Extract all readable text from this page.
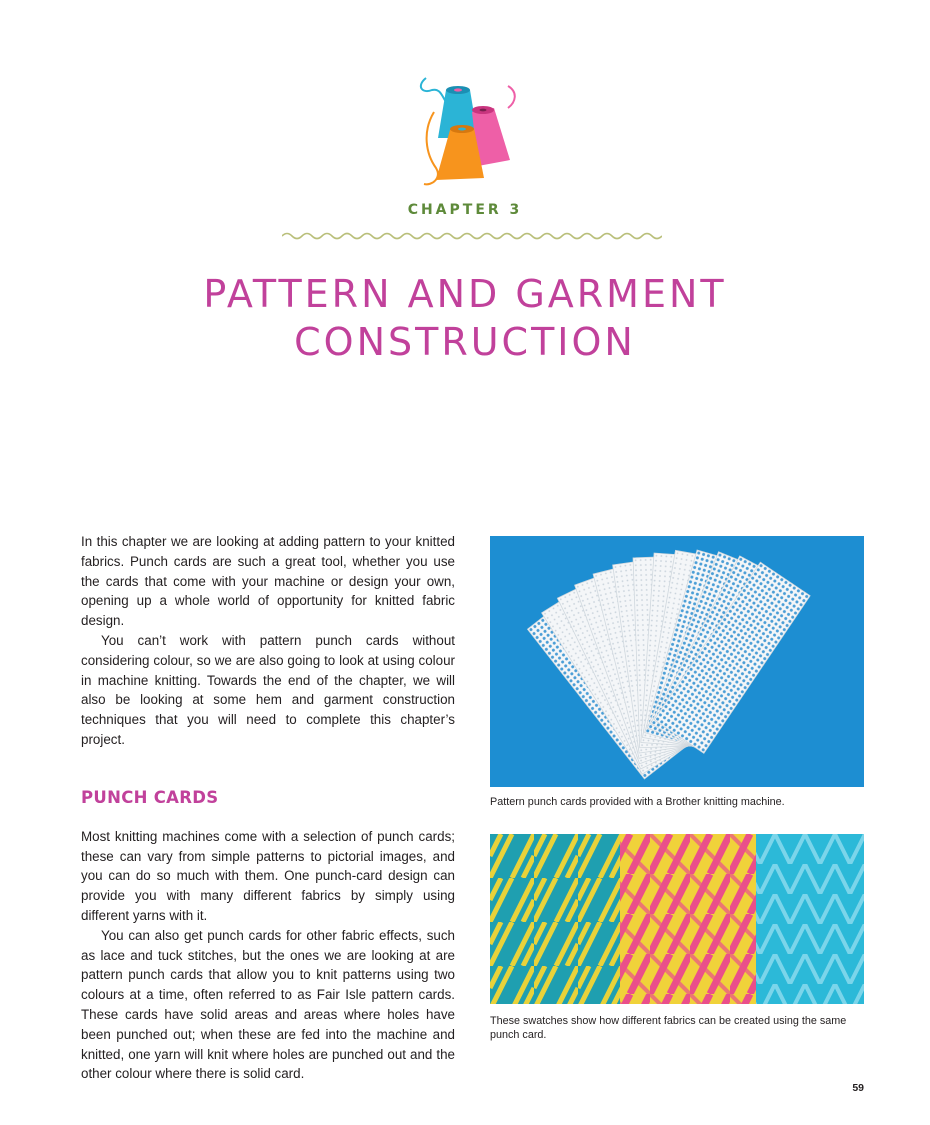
CHAPTER 3
PATTERN AND GARMENT
CONSTRUCTION

In this chapter we are looking at adding pattern to your knitted fabrics. Punch cards are such a great tool, whether you use the cards that come with your machine or design your own, opening up a whole world of opportunity for knitted fabric design.

You can’t work with pattern punch cards without considering colour, so we are also going to look at using colour in machine knitting. Towards the end of the chapter, we will also be looking at some hem and garment construction techniques that you will need to complete this chapter’s project.

PUNCH CARDS

Most knitting machines come with a selection of punch cards; these can vary from simple patterns to pictorial images, and you can do so much with them. One punch-card design can provide you with many different fabrics by simply using different yarns with it.

You can also get punch cards for other fabric effects, such as lace and tuck stitches, but the ones we are looking at are pattern punch cards that allow you to knit patterns using two colours at a time, often referred to as Fair Isle pattern cards. These cards have solid areas and areas where holes have been punched out; when these are fed into the machine and knitted, one yarn will knit where holes are punched out and the other colour where there is solid card.

Pattern punch cards provided with a Brother knitting machine.
These swatches show how different fabrics can be created using the same punch card.
59
